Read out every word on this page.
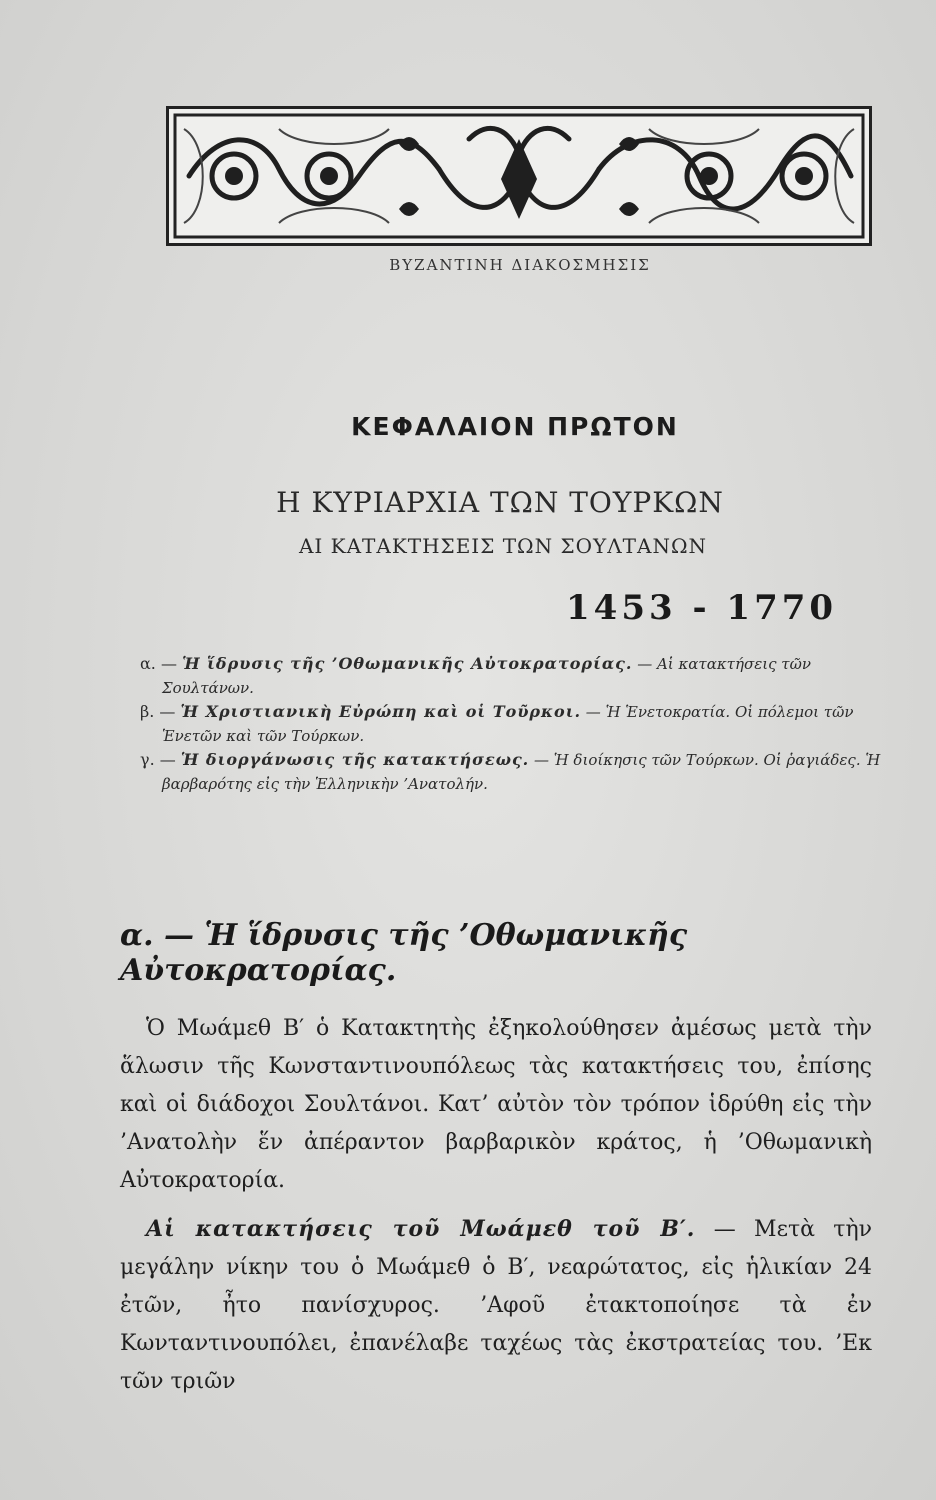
ΒΥΖΑΝΤΙΝΗ ΔΙΑΚΟΣΜΗΣΙΣ
ΚΕΦΑΛΑΙΟΝ ΠΡΩΤΟΝ
Η ΚΥΡΙΑΡΧΙΑ ΤΩΝ ΤΟΥΡΚΩΝ
ΑΙ ΚΑΤΑΚΤΗΣΕΙΣ ΤΩΝ ΣΟΥΛΤΑΝΩΝ
1453 - 1770
α. — Ἡ ἵδρυσις τῆς ’Οθωμανικῆς Αὐτοκρατορίας. — Αἱ κατακτήσεις τῶν Σουλτάνων.
β. — Ἡ Χριστιανικὴ Εὐρώπη καὶ οἱ Τοῦρκοι. — Ἡ Ἑνετοκρατία. Οἱ πόλεμοι τῶν Ἑνετῶν καὶ τῶν Τούρκων.
γ. — Ἡ διοργάνωσις τῆς κατακτήσεως. — Ἡ διοίκησις τῶν Τούρκων. Οἱ ῥαγιάδες. Ἡ βαρβαρότης εἰς τὴν Ἑλληνικὴν ’Ανατολήν.
α. — Ἡ ἵδρυσις τῆς ’Οθωμανικῆς Αὐτοκρατορίας.

Ὁ Μωάμεθ Β′ ὁ Κατακτητὴς ἐξηκολούθησεν ἀμέσως μετὰ τὴν ἅλωσιν τῆς Κωνσταντινουπόλεως τὰς κατακτήσεις του, ἐπίσης καὶ οἱ διάδοχοι Σουλτάνοι. Κατ’ αὐτὸν τὸν τρόπον ἱδρύθη εἰς τὴν ’Ανατολὴν ἕν ἀπέραντον βαρβαρικὸν κράτος, ἡ ’Οθωμανικὴ Αὐτοκρατορία.

Αἱ κατακτήσεις τοῦ Μωάμεθ τοῦ Β′. — Μετὰ τὴν μεγάλην νίκην του ὁ Μωάμεθ ὁ Β′, νεαρώτατος, εἰς ἡλικίαν 24 ἐτῶν, ἦτο πανίσχυρος. ’Αφοῦ ἐτακτοποίησε τὰ ἐν Κωνταντινουπόλει, ἐπανέλαβε ταχέως τὰς ἐκστρατείας του. ’Εκ τῶν τριῶν
